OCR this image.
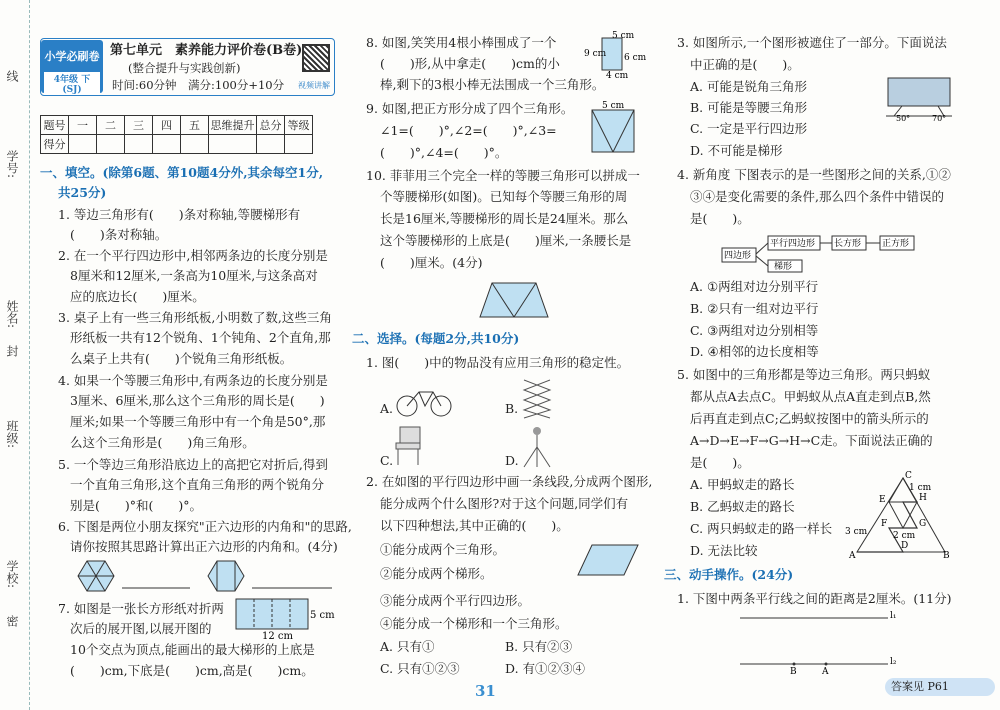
线
学号:
姓名:
封
班级:
学校:
密
小学必刷卷
4年级 下 (SJ)
第七单元　素养能力评价卷(B卷)
(整合提升与实践创新)
时间:60分钟　满分:100分+10分 视频讲解
题号	一	二	三	四	五	思维提升	总分	等级
得分								
一、填空。(除第6题、第10题4分外,其余每空1分,
共25分)
1. 等边三角形有(　　)条对称轴,等腰梯形有
(　　)条对称轴。
2. 在一个平行四边形中,相邻两条边的长度分别是
8厘米和12厘米,一条高为10厘米,与这条高对
应的底边长(　　)厘米。
3. 桌子上有一些三角形纸板,小明数了数,这些三角
形纸板一共有12个锐角、1个钝角、2个直角,那
么桌子上共有(　　)个锐角三角形纸板。
4. 如果一个等腰三角形中,有两条边的长度分别是
3厘米、6厘米,那么这个三角形的周长是(　　)
厘米;如果一个等腰三角形中有一个角是50°,那
么这个三角形是(　　)角三角形。
5. 一个等边三角形沿底边上的高把它对折后,得到
一个直角三角形,这个直角三角形的两个锐角分
别是(　　)°和(　　)°。
6. 下图是两位小朋友探究"正六边形的内角和"的思路,
请你按照其思路计算出正六边形的内角和。(4分)
7. 如图是一张长方形纸对折两
次后的展开图,以展开图的
10个交点为顶点,能画出的最大梯形的上底是
(　　)cm,下底是(　　)cm,高是(　　)cm。
12 cm
5 cm
8. 如图,笑笑用4根小棒围成了一个
(　　)形,从中拿走(　　)cm的小
棒,剩下的3根小棒无法围成一个三角形。
5 cm
9 cm 6 cm
4 cm
9. 如图,把正方形分成了四个三角形。
∠1=(　　)°,∠2=(　　)°,∠3=
(　　)°,∠4=(　　)°。
5 cm
10. 菲菲用三个完全一样的等腰三角形可以拼成一
个等腰梯形(如图)。已知每个等腰三角形的周
长是16厘米,等腰梯形的周长是24厘米。那么
这个等腰梯形的上底是(　　)厘米,一条腰长是
(　　)厘米。(4分)
二、选择。(每题2分,共10分)
1. 图(　　)中的物品没有应用三角形的稳定性。
A.	B.
C.	D.
2. 在如图的平行四边形中画一条线段,分成两个图形,
能分成两个什么图形?对于这个问题,同学们有
以下四种想法,其中正确的(　　)。
①能分成两个三角形。
②能分成两个梯形。
③能分成两个平行四边形。
④能分成一个梯形和一个三角形。
A. 只有①	B. 只有②③
C. 只有①②③	D. 有①②③④
3. 如图所示,一个图形被遮住了一部分。下面说法
中正确的是(　　)。
A. 可能是锐角三角形
B. 可能是等腰三角形
C. 一定是平行四边形
D. 不可能是梯形
50°	70°
4. 新角度 下图表示的是一些图形之间的关系,①②
③④是变化需要的条件,那么四个条件中错误的
是(　　)。
四边形
平行四边形 长方形 正方形
梯形
A. ①两组对边分别平行
B. ②只有一组对边平行
C. ③两组对边分别相等
D. ④相邻的边长度相等
5. 如图中的三角形都是等边三角形。两只蚂蚁
都从点A去点C。甲蚂蚁从点A直走到点B,然
后再直走到点C;乙蚂蚁按图中的箭头所示的
A→D→E→F→G→H→C走。下面说法正确的
是(　　)。
A. 甲蚂蚁走的路长
B. 乙蚂蚁走的路长
C. 两只蚂蚁走的路一样长
D. 无法比较
C
H
G
F
E
D
A	B
1 cm
2 cm
3 cm
三、动手操作。(24分)
1. 下图中两条平行线之间的距离是2厘米。(11分)
l₁
l₂
B	A
31	答案见 P61
